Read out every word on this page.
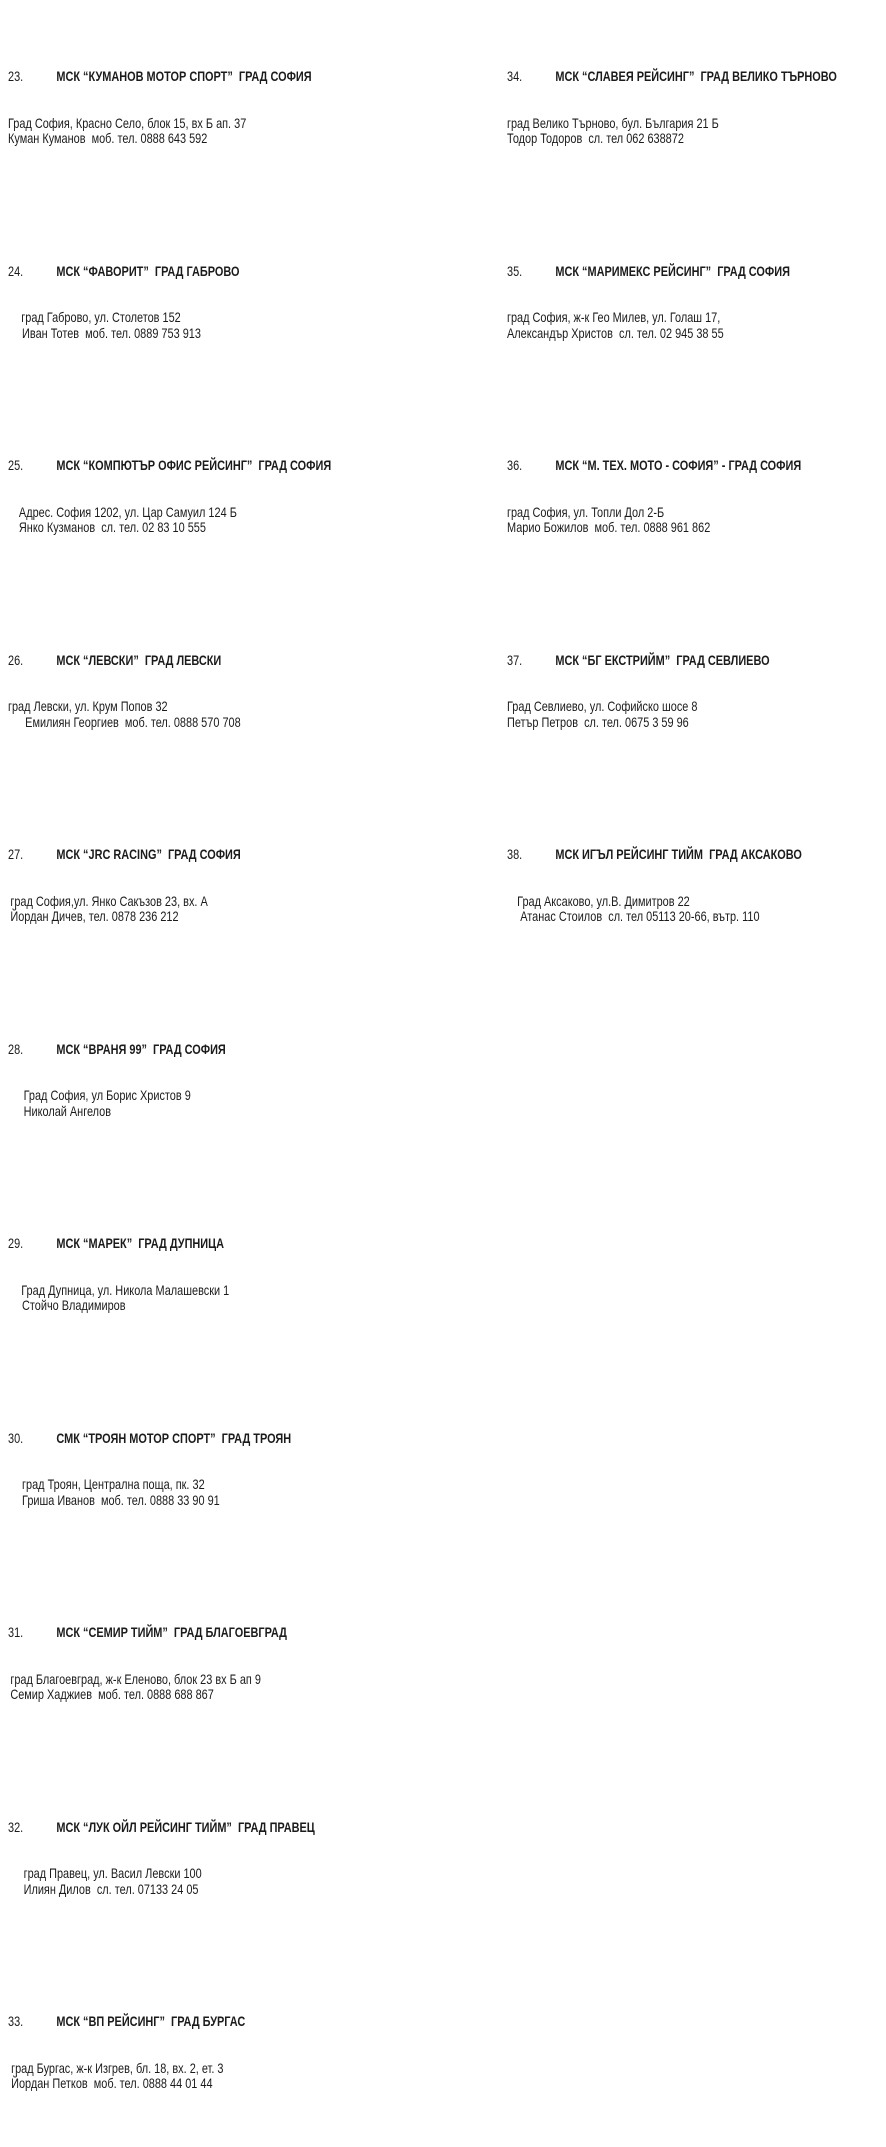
23.	МСК “КУМАНОВ МОТОР СПОРТ”  ГРАД СОФИЯ

Град София, Красно Село, блок 15, вх Б ап. 37
Куман Куманов  моб. тел. 0888 643 592

24.	МСК “ФАВОРИТ”  ГРАД ГАБРОВО

град Габрово, ул. Столетов 152
Иван Тотев  моб. тел. 0889 753 913

25.	МСК “КОМПЮТЪР ОФИС РЕЙСИНГ”  ГРАД СОФИЯ

Адрес. София 1202, ул. Цар Самуил 124 Б
Янко Кузманов  сл. тел. 02 83 10 555

26.	МСК “ЛЕВСКИ”  ГРАД ЛЕВСКИ

град Левски, ул. Крум Попов 32
Емилиян Георгиев  моб. тел. 0888 570 708

27.	МСК “JRC RACING”  ГРАД СОФИЯ

град София,ул. Янко Сакъзов 23, вх. А
Йордан Дичев, тел. 0878 236 212

28.	МСК “ВРАНЯ 99”  ГРАД СОФИЯ

Град София, ул Борис Христов 9
Николай Ангелов

29.	МСК “МАРЕК”  ГРАД ДУПНИЦА

Град Дупница, ул. Никола Малашевски 1
Стойчо Владимиров

30.	СМК “ТРОЯН МОТОР СПОРТ”  ГРАД ТРОЯН

град Троян, Централна поща, пк. 32
Гриша Иванов  моб. тел. 0888 33 90 91

31.	МСК “СЕМИР ТИЙМ”  ГРАД БЛАГОЕВГРАД

град Благоевград, ж-к Еленово, блок 23 вх Б ап 9
Семир Хаджиев  моб. тел. 0888 688 867

32.	МСК “ЛУК ОЙЛ РЕЙСИНГ ТИЙМ”  ГРАД ПРАВЕЦ

град Правец, ул. Васил Левски 100
Илиян Дилов  сл. тел. 07133 24 05

33.	МСК “ВП РЕЙСИНГ”  ГРАД БУРГАС

град Бургас, ж-к Изгрев, бл. 18, вх. 2, ет. 3
Йордан Петков  моб. тел. 0888 44 01 44

34.	МСК “СЛАВЕЯ РЕЙСИНГ”  ГРАД ВЕЛИКО ТЪРНОВО

град Велико Търново, бул. България 21 Б
Тодор Тодоров  сл. тел 062 638872

35.	МСК “МАРИМЕКС РЕЙСИНГ”  ГРАД СОФИЯ

град София, ж-к Гео Милев, ул. Голаш 17,
Александър Христов  сл. тел. 02 945 38 55

36.	МСК “М. ТЕХ. МОТО - СОФИЯ” - ГРАД СОФИЯ

град София, ул. Топли Дол 2-Б
Марио Божилов  моб. тел. 0888 961 862

37.	МСК “БГ ЕКСТРИЙМ”  ГРАД СЕВЛИЕВО

Град Севлиево, ул. Софийско шосе 8
Петър Петров  сл. тел. 0675 3 59 96

38.	МСК ИГЪЛ РЕЙСИНГ ТИЙМ  ГРАД АКСАКОВО

Град Аксаково, ул.В. Димитров 22
Атанас Стоилов  сл. тел 05113 20-66, вътр. 110
